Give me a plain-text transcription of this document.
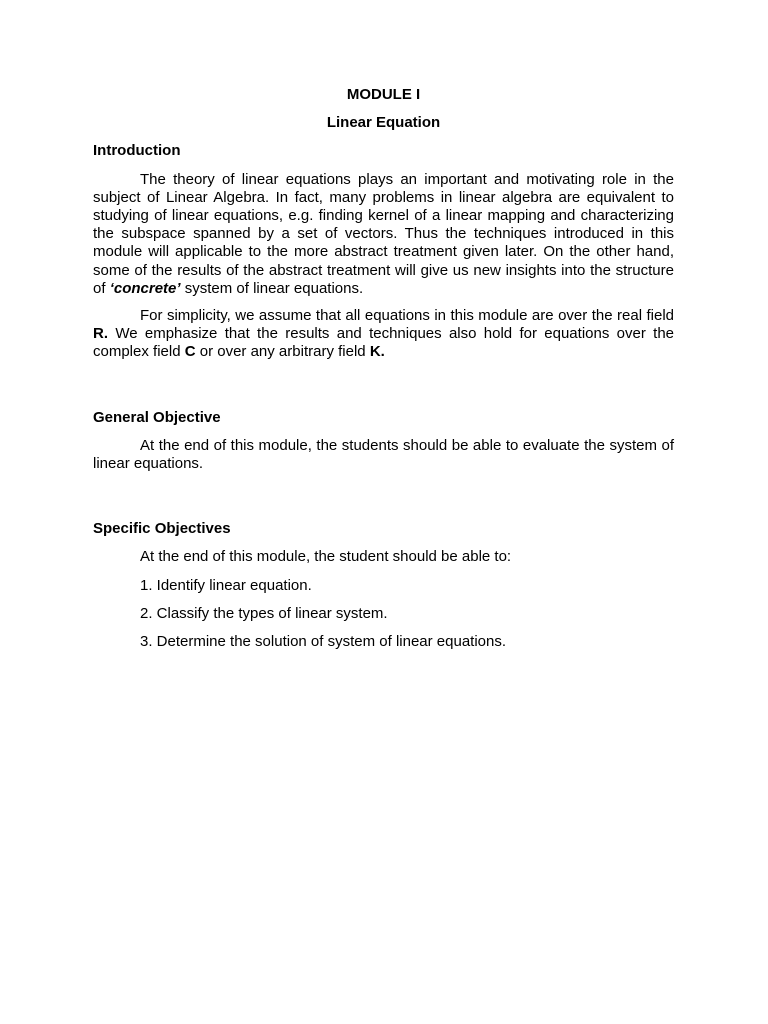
MODULE I
Linear Equation
Introduction

The theory of linear equations plays an important and motivating role in the subject of Linear Algebra. In fact, many problems in linear algebra are equivalent to studying of linear equations, e.g. finding kernel of a linear mapping and characterizing the subspace spanned by a set of vectors. Thus the techniques introduced in this module will applicable to the more abstract treatment given later. On the other hand, some of the results of the abstract treatment will give us new insights into the structure of ‘concrete’ system of linear equations.

For simplicity, we assume that all equations in this module are over the real field R. We emphasize that the results and techniques also hold for equations over the complex field C or over any arbitrary field K.

General Objective

At the end of this module, the students should be able to evaluate the system of linear equations.

Specific Objectives
At the end of this module, the student should be able to:
1. Identify linear equation.
2. Classify the types of linear system.
3. Determine the solution of system of linear equations.
